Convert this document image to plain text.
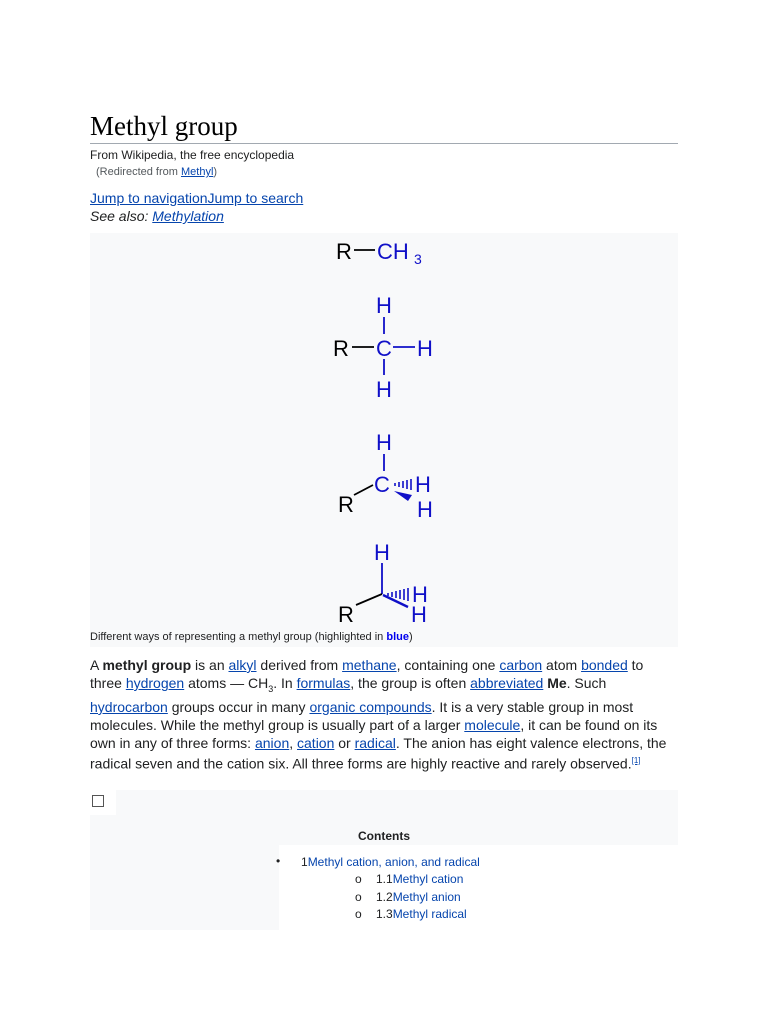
Methyl group
From Wikipedia, the free encyclopedia
(Redirected from Methyl)
Jump to navigationJump to search
See also: Methylation
R CH 3
H
R C H
H
H
C H
H
R
H
H
H
R
Different ways of representing a methyl group (highlighted in blue)
A methyl group is an alkyl derived from methane, containing one carbon atom bonded to three hydrogen atoms — $CH_3$. In formulas, the group is often abbreviated Me. Such hydrocarbon groups occur in many organic compounds. It is a very stable group in most molecules. While the methyl group is usually part of a larger molecule, it can be found on its own in any of three forms: anion, cation or radical. The anion has eight valence electrons, the radical seven and the cation six. All three forms are highly reactive and rarely observed.[1]
Contents
• 1Methyl cation, anion, and radical
o 1.1Methyl cation
o 1.2Methyl anion
o 1.3Methyl radical
